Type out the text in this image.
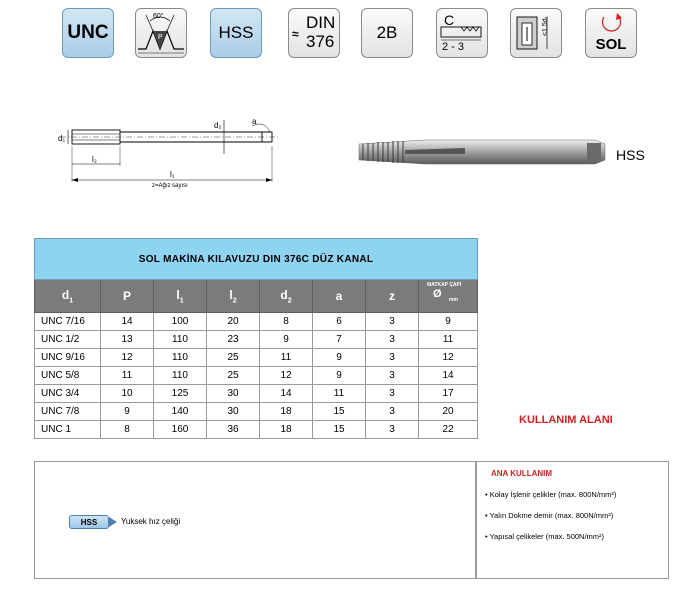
UNC
60°
P	HSS	≈
DIN
376	2B
C
2 - 3
≤1,5d₁
SOL
d₁
l₂
l₁
d₂	a
z=Ağız sayısı
HSS
SOL MAKİNA KILAVUZU DIN 376C DÜZ KANAL							
$d_1$	P	$l_1$	$l_2$	$d_2$	a	z	MATKAP ÇAPI
Ø mm

UNC 7/16	14	100	20	8	6	3	9
UNC 1/2	13	110	23	9	7	3	11
UNC 9/16	12	110	25	11	9	3	12
UNC 5/8	11	110	25	12	9	3	14
UNC 3/4	10	125	30	14	11	3	17
UNC 7/8	9	140	30	18	15	3	20
UNC 1	8	160	36	18	15	3	22
HSS	Yuksek hız çeliği
KULLANIM ALANI
ANA KULLANIM
• Kolay İşlenir çelikler (max. 800N/mm²)
• Yalın Dokme demir (max. 800N/mm²)
• Yapısal çelikeler (max. 500N/mm²)
